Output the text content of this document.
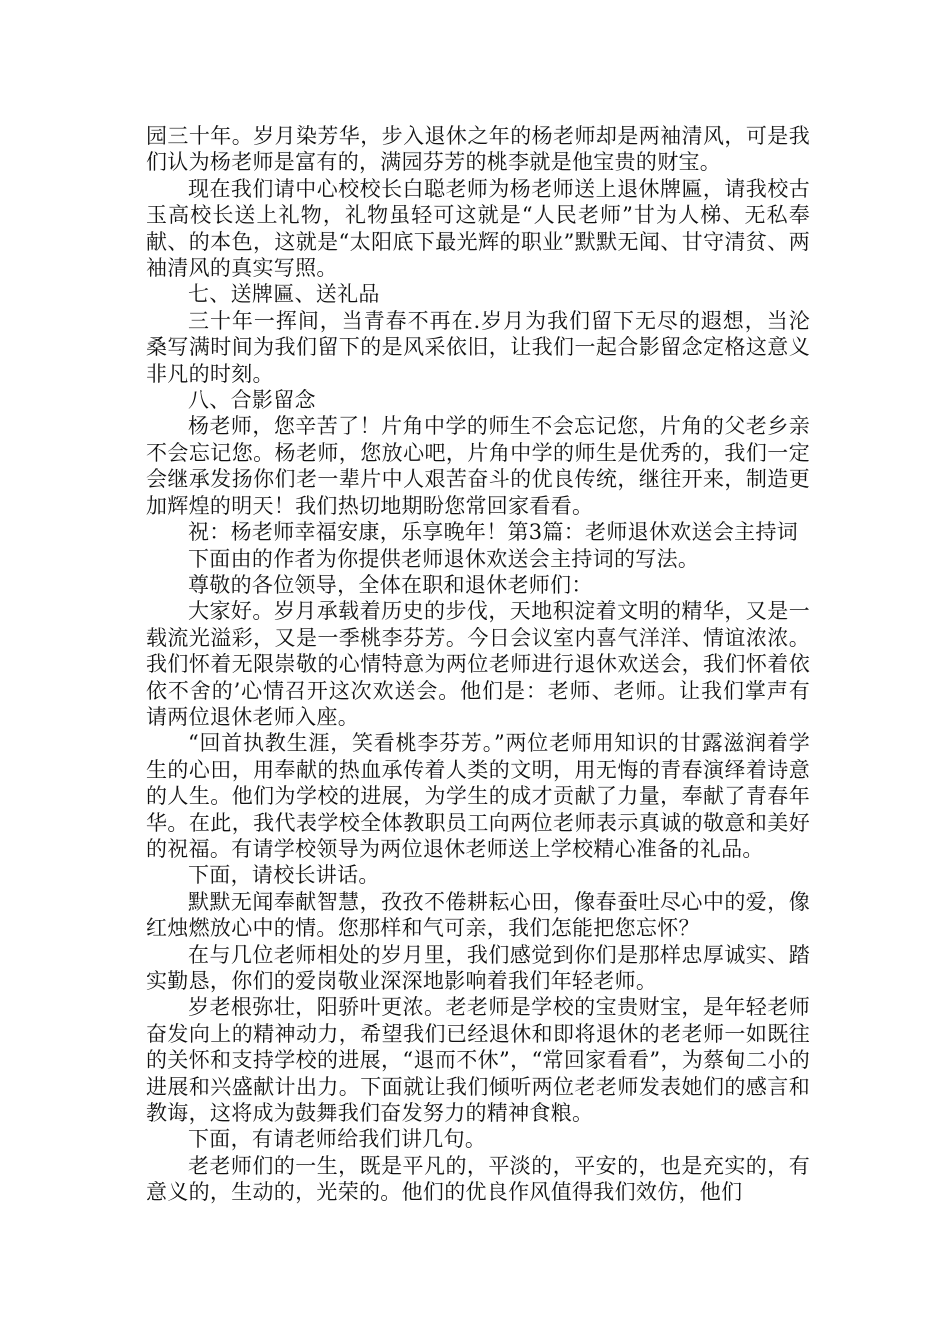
园三十年。岁月染芳华，步入退休之年的杨老师却是两袖清风，可是我们认为杨老师是富有的，满园芬芳的桃李就是他宝贵的财宝。

现在我们请中心校校长白聪老师为杨老师送上退休牌匾，请我校古玉高校长送上礼物，礼物虽轻可这就是“人民老师”甘为人梯、无私奉献、的本色，这就是“太阳底下最光辉的职业”默默无闻、甘守清贫、两袖清风的真实写照。

七、送牌匾、送礼品

三十年一挥间，当青春不再在.岁月为我们留下无尽的遐想，当沦桑写满时间为我们留下的是风采依旧，让我们一起合影留念定格这意义非凡的时刻。

八、合影留念

杨老师，您辛苦了！片角中学的师生不会忘记您，片角的父老乡亲不会忘记您。杨老师，您放心吧，片角中学的师生是优秀的，我们一定会继承发扬你们老一辈片中人艰苦奋斗的优良传统，继往开来，制造更加辉煌的明天！我们热切地期盼您常回家看看。

祝：杨老师幸福安康，乐享晚年！第3篇：老师退休欢送会主持词

下面由的作者为你提供老师退休欢送会主持词的写法。

尊敬的各位领导，全体在职和退休老师们：

大家好。岁月承载着历史的步伐，天地积淀着文明的精华，又是一载流光溢彩，又是一季桃李芬芳。今日会议室内喜气洋洋、情谊浓浓。我们怀着无限崇敬的心情特意为两位老师进行退休欢送会，我们怀着依依不舍的’心情召开这次欢送会。他们是：老师、老师。让我们掌声有请两位退休老师入座。

“回首执教生涯，笑看桃李芬芳。”两位老师用知识的甘露滋润着学生的心田，用奉献的热血承传着人类的文明，用无悔的青春演绎着诗意的人生。他们为学校的进展，为学生的成才贡献了力量，奉献了青春年华。在此，我代表学校全体教职员工向两位老师表示真诚的敬意和美好的祝福。有请学校领导为两位退休老师送上学校精心准备的礼品。

下面，请校长讲话。

默默无闻奉献智慧，孜孜不倦耕耘心田，像春蚕吐尽心中的爱，像红烛燃放心中的情。您那样和气可亲，我们怎能把您忘怀？

在与几位老师相处的岁月里，我们感觉到你们是那样忠厚诚实、踏实勤恳，你们的爱岗敬业深深地影响着我们年轻老师。

岁老根弥壮，阳骄叶更浓。老老师是学校的宝贵财宝，是年轻老师奋发向上的精神动力，希望我们已经退休和即将退休的老老师一如既往的关怀和支持学校的进展，“退而不休”，“常回家看看”，为蔡甸二小的进展和兴盛献计出力。下面就让我们倾听两位老老师发表她们的感言和教诲，这将成为鼓舞我们奋发努力的精神食粮。

下面，有请老师给我们讲几句。

老老师们的一生，既是平凡的，平淡的，平安的，也是充实的，有意义的，生动的，光荣的。他们的优良作风值得我们效仿，他们
